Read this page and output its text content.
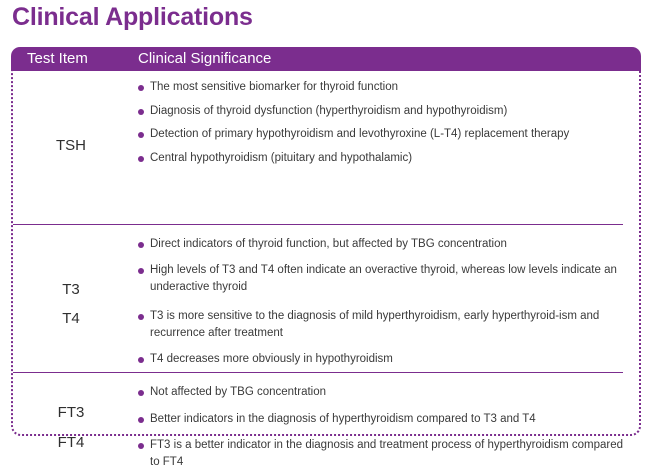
Clinical Applications
Test Item	Clinical Significance
TSH
The most sensitive biomarker for thyroid function
Diagnosis of thyroid dysfunction (hyperthyroidism and hypothyroidism)
Detection of primary hypothyroidism and levothyroxine (L-T4) replacement therapy
Central hypothyroidism (pituitary and hypothalamic)
T3
T4
Direct indicators of thyroid function, but affected by TBG concentration
High levels of T3 and T4 often indicate an overactive thyroid, whereas low levels indicate an underactive thyroid
T3 is more sensitive to the diagnosis of mild hyperthyroidism, early hyperthyroid-ism and recurrence after treatment
T4 decreases more obviously in hypothyroidism
FT3
FT4
Not affected by TBG concentration
Better indicators in the diagnosis of hyperthyroidism compared to T3 and T4
FT3 is a better indicator in the diagnosis and treatment process of hyperthyroidism compared to FT4
